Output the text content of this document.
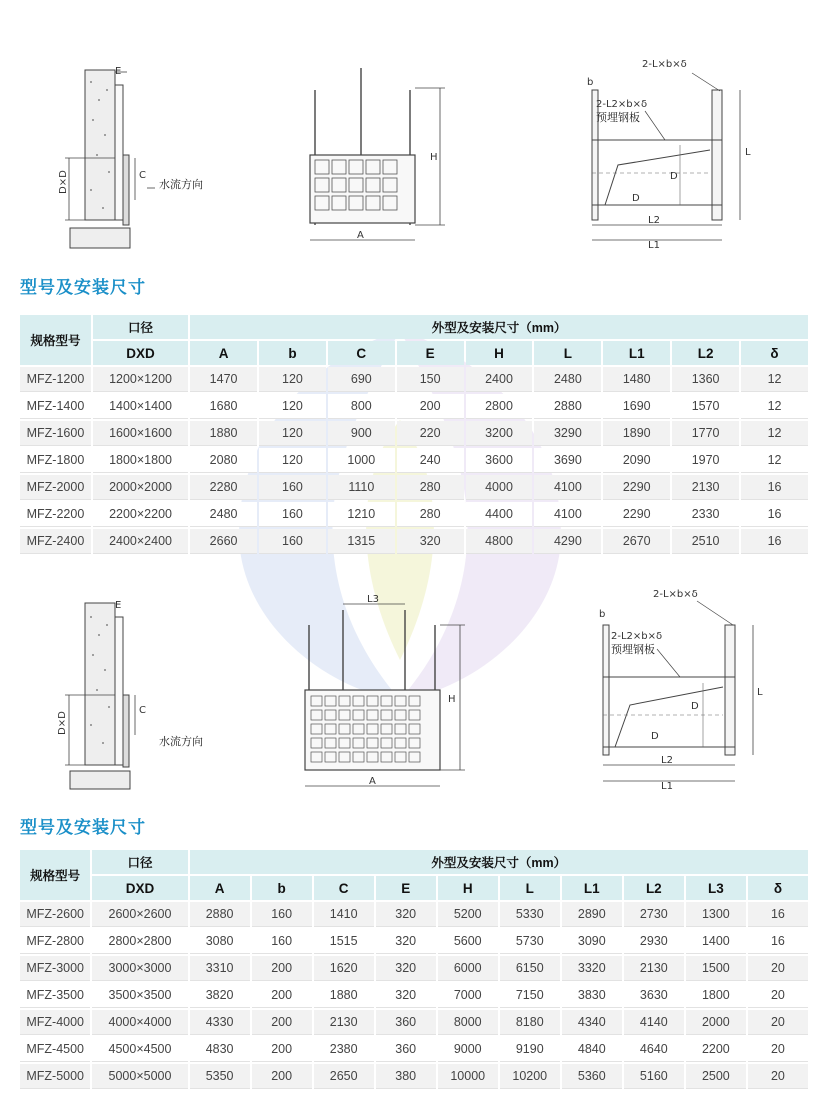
E
C
D×D	水流方向
H
A
b
L
D
D
L2
L1
2-L×b×δ
2-L2×b×δ
预埋钢板
型号及安装尺寸
规格型号	口径	外型及安装尺寸（mm）								
	DXD	A	b	C	E	H	L	L1	L2	δ
MFZ-1200	1200×1200	1470	120	690	150	2400	2480	1480	1360	12
MFZ-1400	1400×1400	1680	120	800	200	2800	2880	1690	1570	12
MFZ-1600	1600×1600	1880	120	900	220	3200	3290	1890	1770	12
MFZ-1800	1800×1800	2080	120	1000	240	3600	3690	2090	1970	12
MFZ-2000	2000×2000	2280	160	1110	280	4000	4100	2290	2130	16
MFZ-2200	2200×2200	2480	160	1210	280	4400	4100	2290	2330	16
MFZ-2400	2400×2400	2660	160	1315	320	4800	4290	2670	2510	16
E
C
D×D
水流方向
L3
H
A
b
L
D
D
L2
L1
2-L×b×δ
2-L2×b×δ
预埋钢板
型号及安装尺寸
规格型号	口径	外型及安装尺寸（mm）									
	DXD	A	b	C	E	H	L	L1	L2	L3	δ
MFZ-2600	2600×2600	2880	160	1410	320	5200	5330	2890	2730	1300	16
MFZ-2800	2800×2800	3080	160	1515	320	5600	5730	3090	2930	1400	16
MFZ-3000	3000×3000	3310	200	1620	320	6000	6150	3320	2130	1500	20
MFZ-3500	3500×3500	3820	200	1880	320	7000	7150	3830	3630	1800	20
MFZ-4000	4000×4000	4330	200	2130	360	8000	8180	4340	4140	2000	20
MFZ-4500	4500×4500	4830	200	2380	360	9000	9190	4840	4640	2200	20
MFZ-5000	5000×5000	5350	200	2650	380	10000	10200	5360	5160	2500	20
